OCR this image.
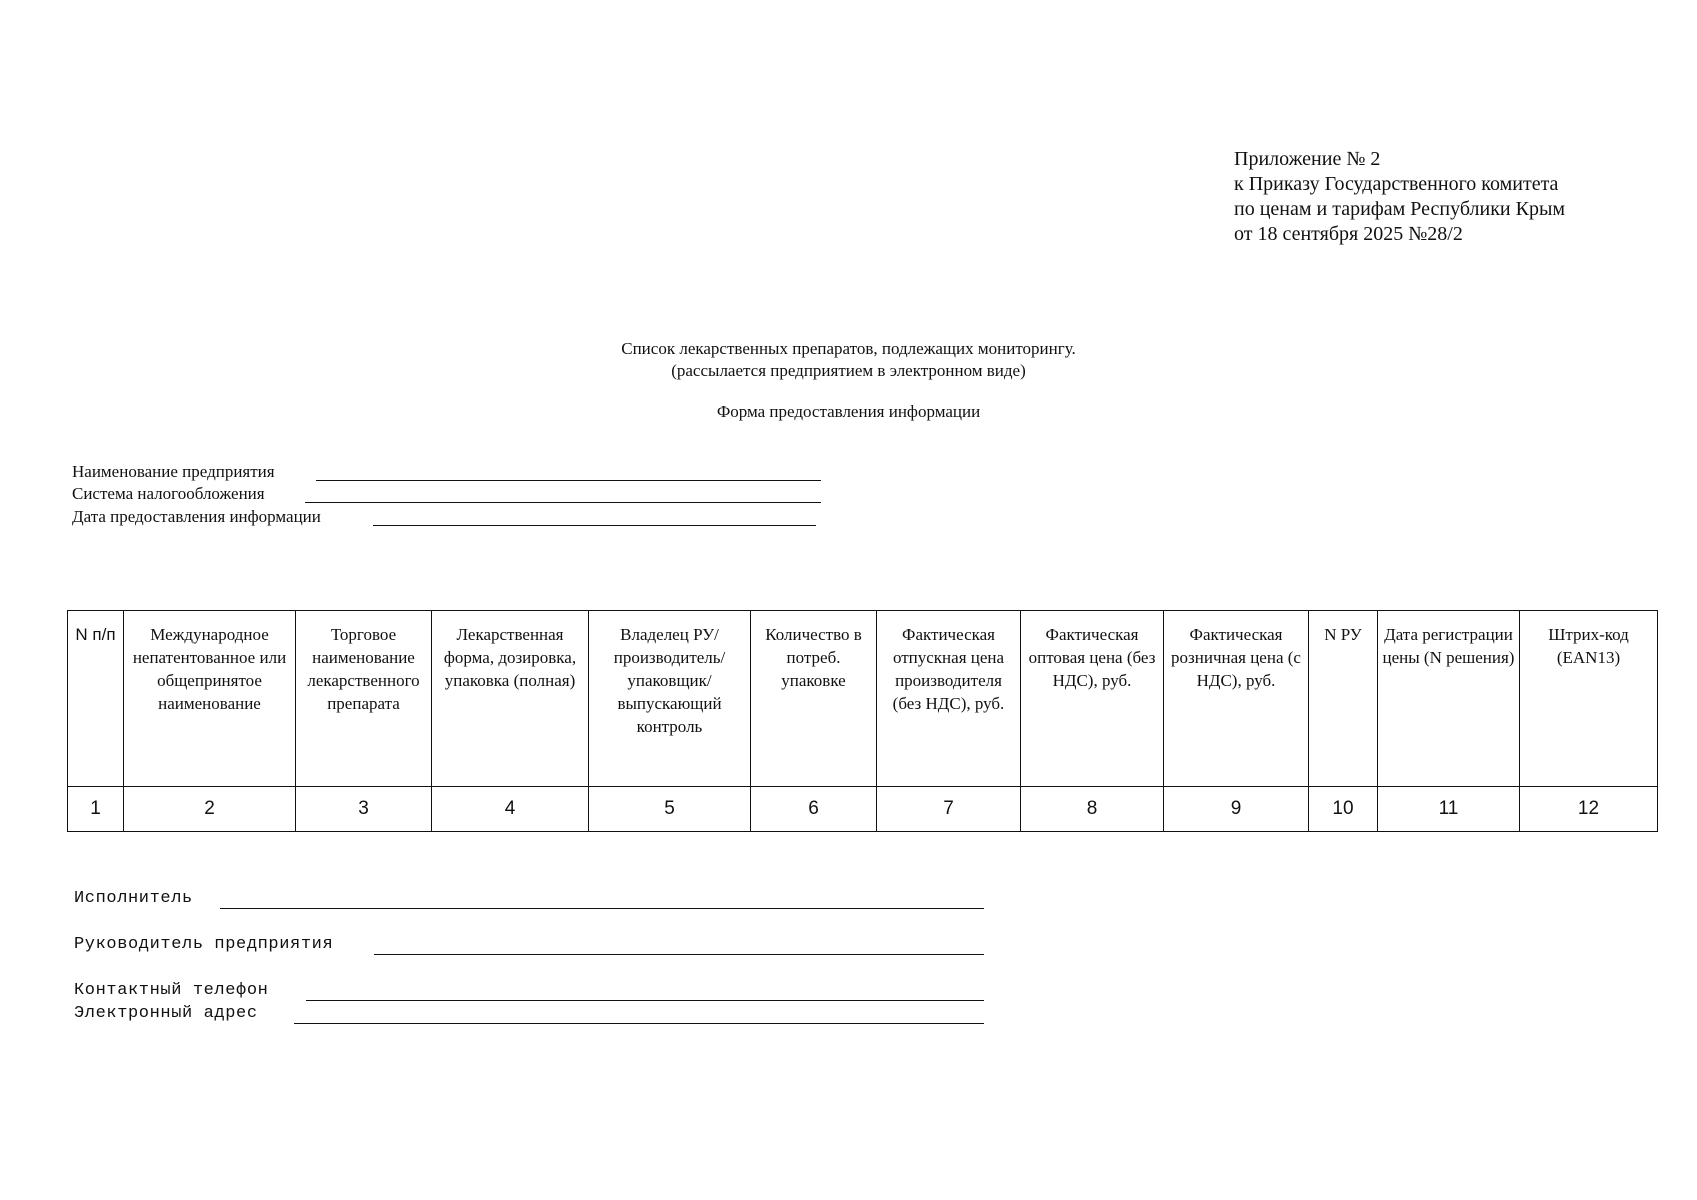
Приложение № 2
к Приказу Государственного комитета
по ценам и тарифам Республики Крым
от 18 сентября 2025 №28/2
Список лекарственных препаратов, подлежащих мониторингу.
(рассылается предприятием в электронном виде)
Форма предоставления информации
Наименование предприятия
Система налогообложения
Дата предоставления информации
N п/п	Международное непатентованное или общепринятое наименование	Торговое наименование лекарственного препарата	Лекарственная форма, дозировка, упаковка (полная)	Владелец РУ/производитель/упаковщик/выпускающий контроль	Количество в потреб. упаковке	Фактическая отпускная цена производителя (без НДС), руб.	Фактическая оптовая цена (без НДС), руб.	Фактическая розничная цена (с НДС), руб.	N РУ	Дата регистрации цены (N решения)	Штрих-код (EAN13)
1	2	3	4	5	6	7	8	9	10	11	12
Исполнитель
Руководитель предприятия
Контактный телефон
Электронный адрес
